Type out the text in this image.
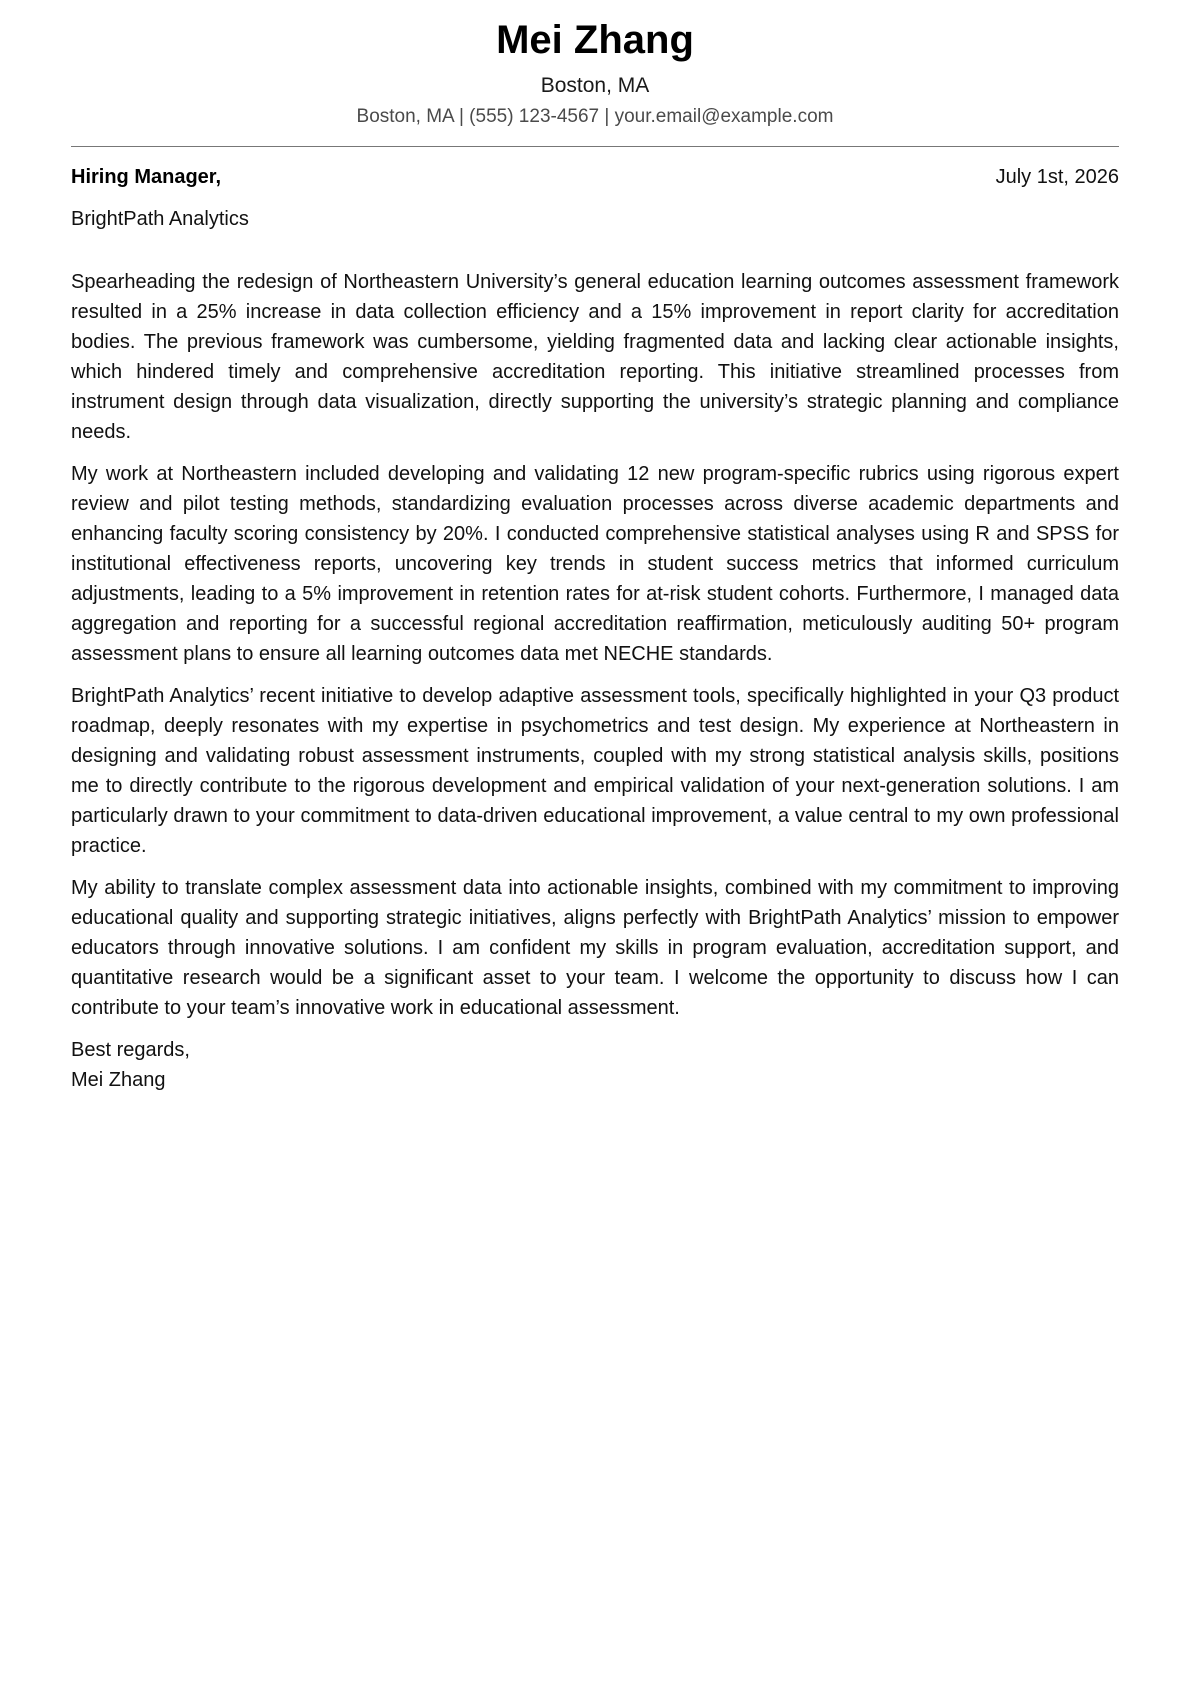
Mei Zhang
Boston, MA
Boston, MA | (555) 123-4567 | your.email@example.com
Hiring Manager,	July 1st, 2026
BrightPath Analytics

Spearheading the redesign of Northeastern University’s general education learning outcomes assessment framework resulted in a 25% increase in data collection efficiency and a 15% improvement in report clarity for accreditation bodies. The previous framework was cumbersome, yielding fragmented data and lacking clear actionable insights, which hindered timely and comprehensive accreditation reporting. This initiative streamlined processes from instrument design through data visualization, directly supporting the university’s strategic planning and compliance needs.

My work at Northeastern included developing and validating 12 new program-specific rubrics using rigorous expert review and pilot testing methods, standardizing evaluation processes across diverse academic departments and enhancing faculty scoring consistency by 20%. I conducted comprehensive statistical analyses using R and SPSS for institutional effectiveness reports, uncovering key trends in student success metrics that informed curriculum adjustments, leading to a 5% improvement in retention rates for at-risk student cohorts. Furthermore, I managed data aggregation and reporting for a successful regional accreditation reaffirmation, meticulously auditing 50+ program assessment plans to ensure all learning outcomes data met NECHE standards.

BrightPath Analytics’ recent initiative to develop adaptive assessment tools, specifically highlighted in your Q3 product roadmap, deeply resonates with my expertise in psychometrics and test design. My experience at Northeastern in designing and validating robust assessment instruments, coupled with my strong statistical analysis skills, positions me to directly contribute to the rigorous development and empirical validation of your next-generation solutions. I am particularly drawn to your commitment to data-driven educational improvement, a value central to my own professional practice.

My ability to translate complex assessment data into actionable insights, combined with my commitment to improving educational quality and supporting strategic initiatives, aligns perfectly with BrightPath Analytics’ mission to empower educators through innovative solutions. I am confident my skills in program evaluation, accreditation support, and quantitative research would be a significant asset to your team. I welcome the opportunity to discuss how I can contribute to your team’s innovative work in educational assessment.

Best regards,
Mei Zhang
